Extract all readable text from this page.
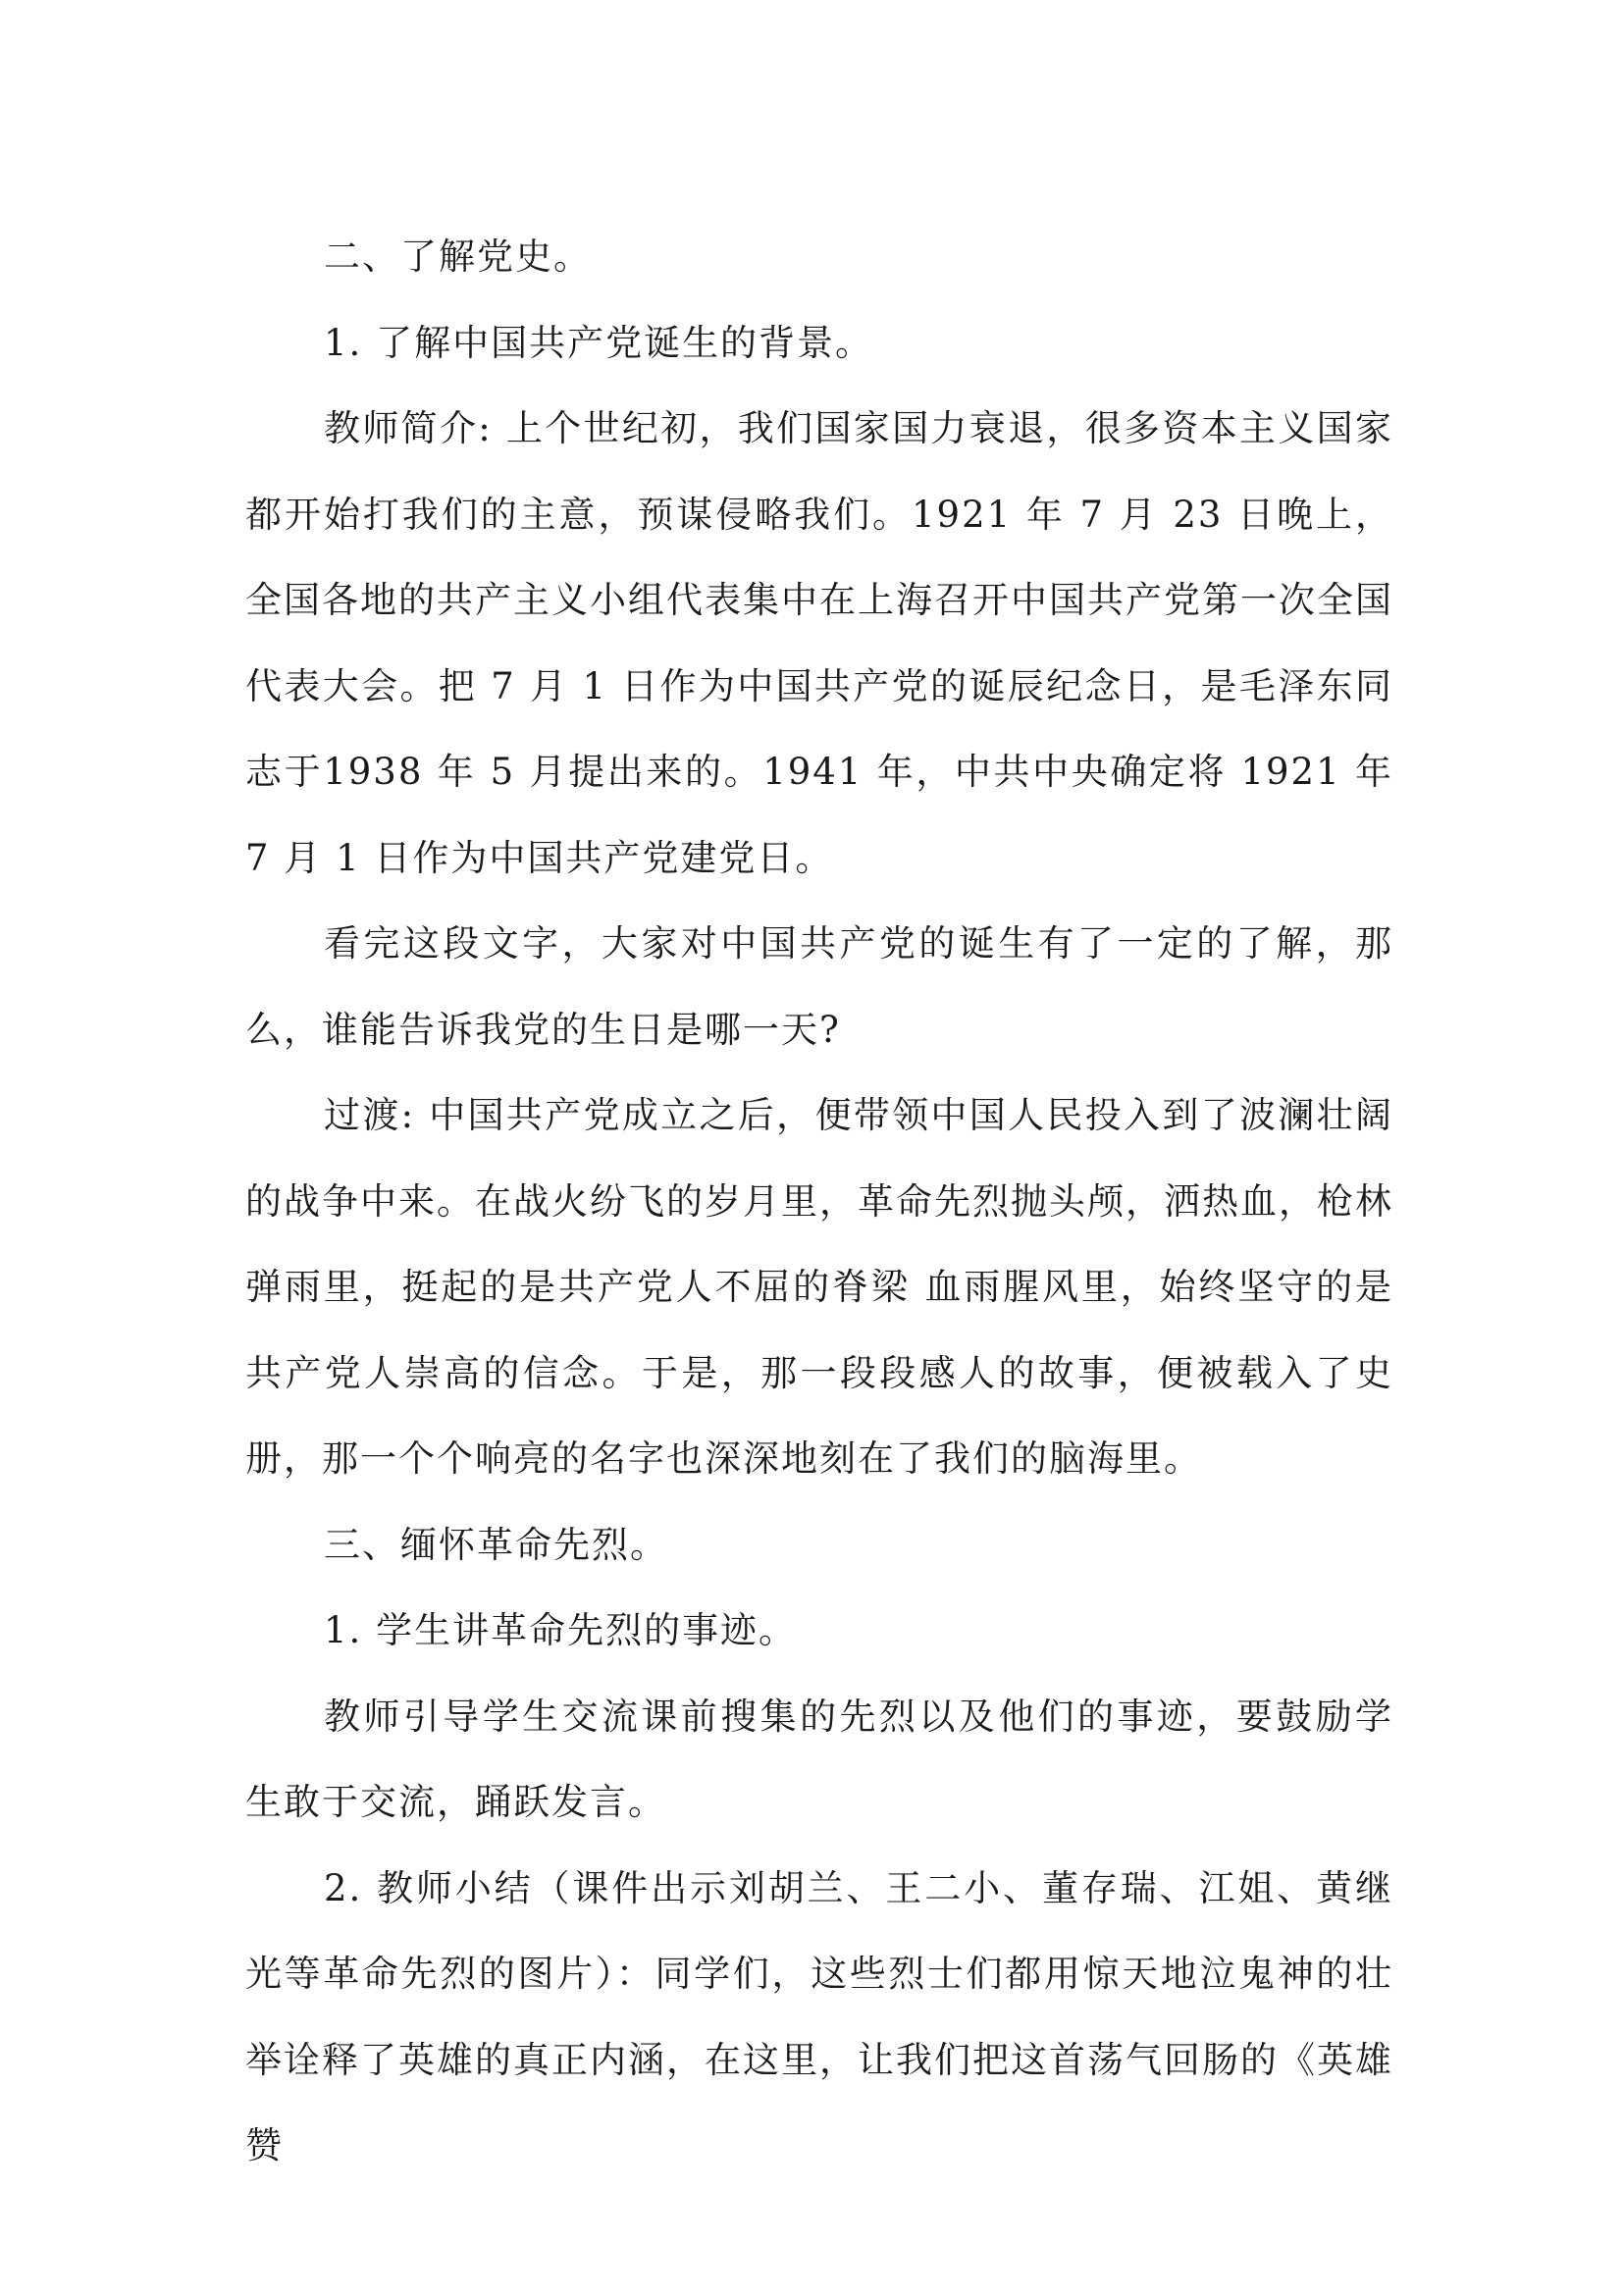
二、了解党史。

1. 了解中国共产党诞生的背景。

教师简介: 上个世纪初，我们国家国力衰退，很多资本主义国家都开始打我们的主意，预谋侵略我们。1921 年 7 月 23 日晚上，全国各地的共产主义小组代表集中在上海召开中国共产党第一次全国代表大会。把 7 月 1 日作为中国共产党的诞辰纪念日，是毛泽东同志于1938 年 5 月提出来的。1941 年，中共中央确定将 1921 年 7 月 1 日作为中国共产党建党日。

看完这段文字，大家对中国共产党的诞生有了一定的了解，那么，谁能告诉我党的生日是哪一天?

过渡: 中国共产党成立之后，便带领中国人民投入到了波澜壮阔的战争中来。在战火纷飞的岁月里，革命先烈抛头颅，洒热血，枪林弹雨里，挺起的是共产党人不屈的脊梁 血雨腥风里，始终坚守的是共产党人崇高的信念。于是，那一段段感人的故事，便被载入了史册，那一个个响亮的名字也深深地刻在了我们的脑海里。

三、缅怀革命先烈。

1. 学生讲革命先烈的事迹。

教师引导学生交流课前搜集的先烈以及他们的事迹，要鼓励学生敢于交流，踊跃发言。

2. 教师小结（课件出示刘胡兰、王二小、董存瑞、江姐、黄继光等革命先烈的图片）：同学们，这些烈士们都用惊天地泣鬼神的壮举诠释了英雄的真正内涵，在这里，让我们把这首荡气回肠的《英雄赞
